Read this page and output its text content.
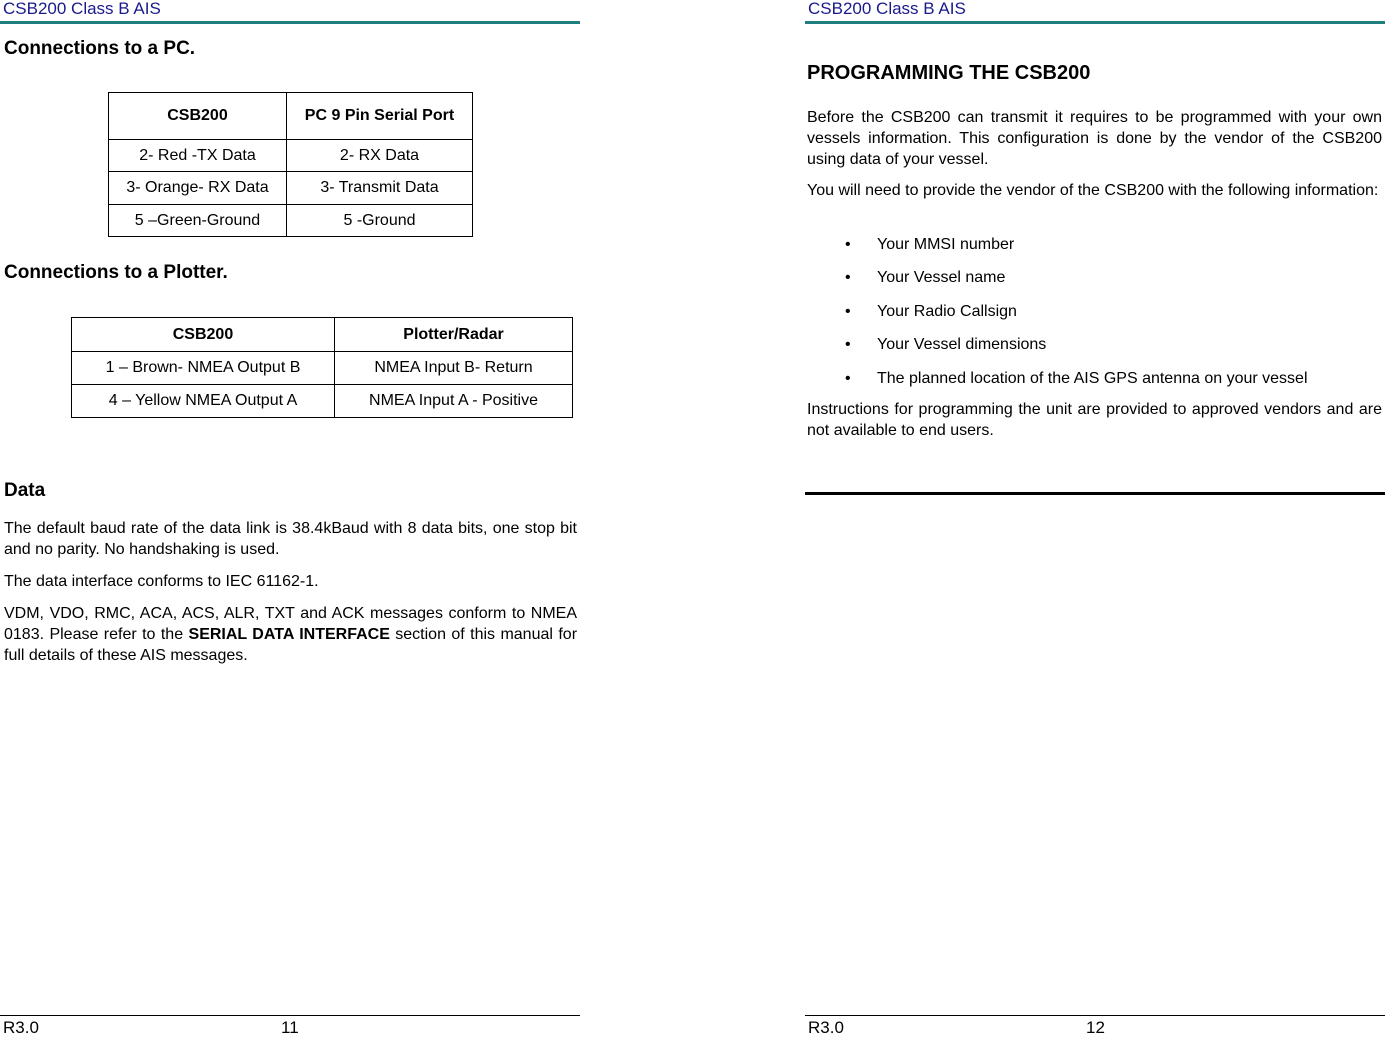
CSB200 Class B AIS
Connections to a PC.
CSB200	PC 9 Pin Serial Port
2- Red -TX Data	2- RX Data
3- Orange- RX Data	3- Transmit Data
5 –Green-Ground	5 -Ground
Connections to a Plotter.
CSB200	Plotter/Radar
1 – Brown- NMEA Output B	NMEA Input B- Return
4 – Yellow NMEA Output A	NMEA Input A - Positive
Data

The default baud rate of the data link is 38.4kBaud with 8 data bits, one stop bit and no parity. No handshaking is used.

The data interface conforms to IEC 61162-1.

VDM, VDO, RMC, ACA, ACS, ALR, TXT and ACK messages conform to NMEA 0183. Please refer to the SERIAL DATA INTERFACE section of this manual for full details of these AIS messages.

R3.0	11
CSB200 Class B AIS
PROGRAMMING THE CSB200

Before the CSB200 can transmit it requires to be programmed with your own vessels information. This configuration is done by the vendor of the CSB200 using data of your vessel.

You will need to provide the vendor of the CSB200 with the following information:

• Your MMSI number
• Your Vessel name
• Your Radio Callsign
• Your Vessel dimensions
• The planned location of the AIS GPS antenna on your vessel

Instructions for programming the unit are provided to approved vendors and are not available to end users.

R3.0	12
